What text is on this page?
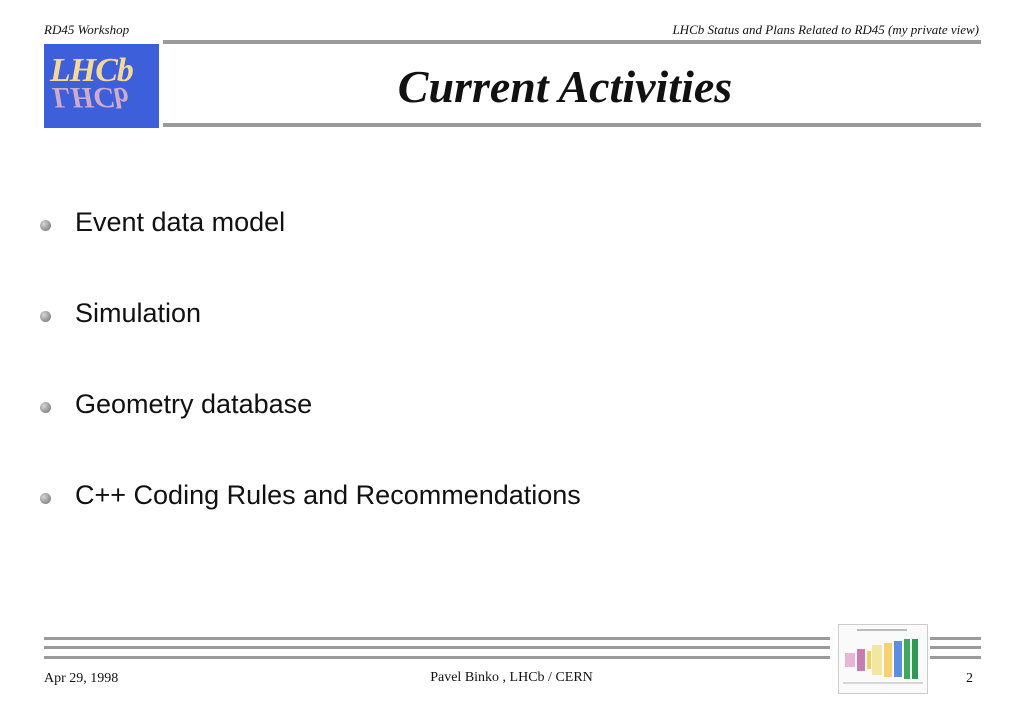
RD45 Workshop	LHCb Status and Plans Related to RD45 (my private view)
LHCb
LHCb	Current Activities
Event data model
Simulation
Geometry database
C++ Coding Rules and Recommendations
Apr 29, 1998	Pavel Binko , LHCb / CERN	2
